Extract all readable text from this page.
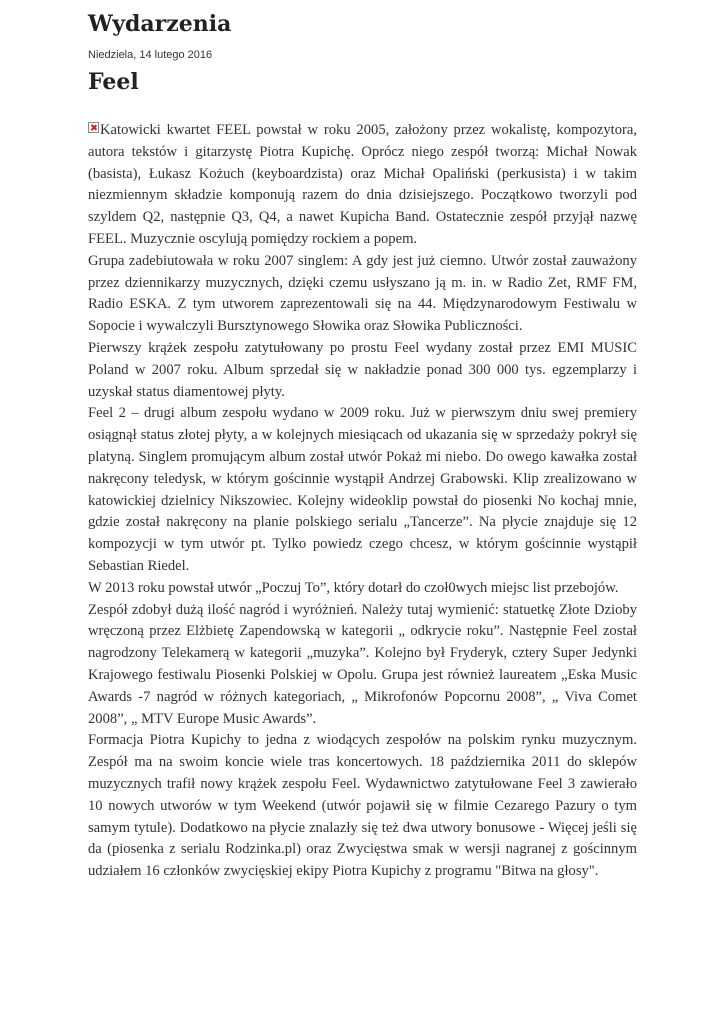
Wydarzenia
Niedziela, 14 lutego 2016
Feel

Katowicki kwartet FEEL powstał w roku 2005, założony przez wokalistę, kompozytora, autora tekstów i gitarzystę Piotra Kupichę. Oprócz niego zespół tworzą: Michał Nowak (basista), Łukasz Kożuch (keyboardzista) oraz Michał Opaliński (perkusista) i w takim niezmiennym składzie komponują razem do dnia dzisiejszego. Początkowo tworzyli pod szyldem Q2, następnie Q3, Q4, a nawet Kupicha Band. Ostatecznie zespół przyjął nazwę FEEL. Muzycznie oscylują pomiędzy rockiem a popem.

Grupa zadebiutowała w roku 2007 singlem: A gdy jest już ciemno. Utwór został zauważony przez dziennikarzy muzycznych, dzięki czemu usłyszano ją m. in. w Radio Zet, RMF FM, Radio ESKA. Z tym utworem zaprezentowali się na 44. Międzynarodowym Festiwalu w Sopocie i wywalczyli Bursztynowego Słowika oraz Słowika Publiczności.

Pierwszy krążek zespołu zatytułowany po prostu Feel wydany został przez EMI MUSIC Poland w 2007 roku. Album sprzedał się w nakładzie ponad 300 000 tys. egzemplarzy i uzyskał status diamentowej płyty.

Feel 2 – drugi album zespołu wydano w 2009 roku. Już w pierwszym dniu swej premiery osiągnął status złotej płyty, a w kolejnych miesiącach od ukazania się w sprzedaży pokrył się platyną. Singlem promującym album został utwór Pokaż mi niebo. Do owego kawałka został nakręcony teledysk, w którym gościnnie wystąpił Andrzej Grabowski. Klip zrealizowano w katowickiej dzielnicy Nikszowiec. Kolejny wideoklip powstał do piosenki No kochaj mnie, gdzie został nakręcony na planie polskiego serialu „Tancerze”. Na płycie znajduje się 12 kompozycji w tym utwór pt. Tylko powiedz czego chcesz, w którym gościnnie wystąpił Sebastian Riedel.

W 2013 roku powstał utwór „Poczuj To”, który dotarł do czoł0wych miejsc list przebojów.

Zespół zdobył dużą ilość nagród i wyróżnień. Należy tutaj wymienić: statuetkę Złote Dzioby wręczoną przez Elżbietę Zapendowską w kategorii „ odkrycie roku”. Następnie Feel został nagrodzony Telekamerą w kategorii „muzyka”. Kolejno był Fryderyk, cztery Super Jedynki Krajowego festiwalu Piosenki Polskiej w Opolu. Grupa jest również laureatem „Eska Music Awards -7 nagród w różnych kategoriach, „ Mikrofonów Popcornu 2008”, „ Viva Comet 2008”, „ MTV Europe Music Awards”.

Formacja Piotra Kupichy to jedna z wiodących zespołów na polskim rynku muzycznym. Zespół ma na swoim koncie wiele tras koncertowych. 18 października 2011 do sklepów muzycznych trafił nowy krążek zespołu Feel. Wydawnictwo zatytułowane Feel 3 zawierało 10 nowych utworów w tym Weekend (utwór pojawił się w filmie Cezarego Pazury o tym samym tytule). Dodatkowo na płycie znalazły się też dwa utwory bonusowe - Więcej jeśli się da (piosenka z serialu Rodzinka.pl) oraz Zwycięstwa smak w wersji nagranej z gościnnym udziałem 16 członków zwycięskiej ekipy Piotra Kupichy z programu "Bitwa na głosy".
